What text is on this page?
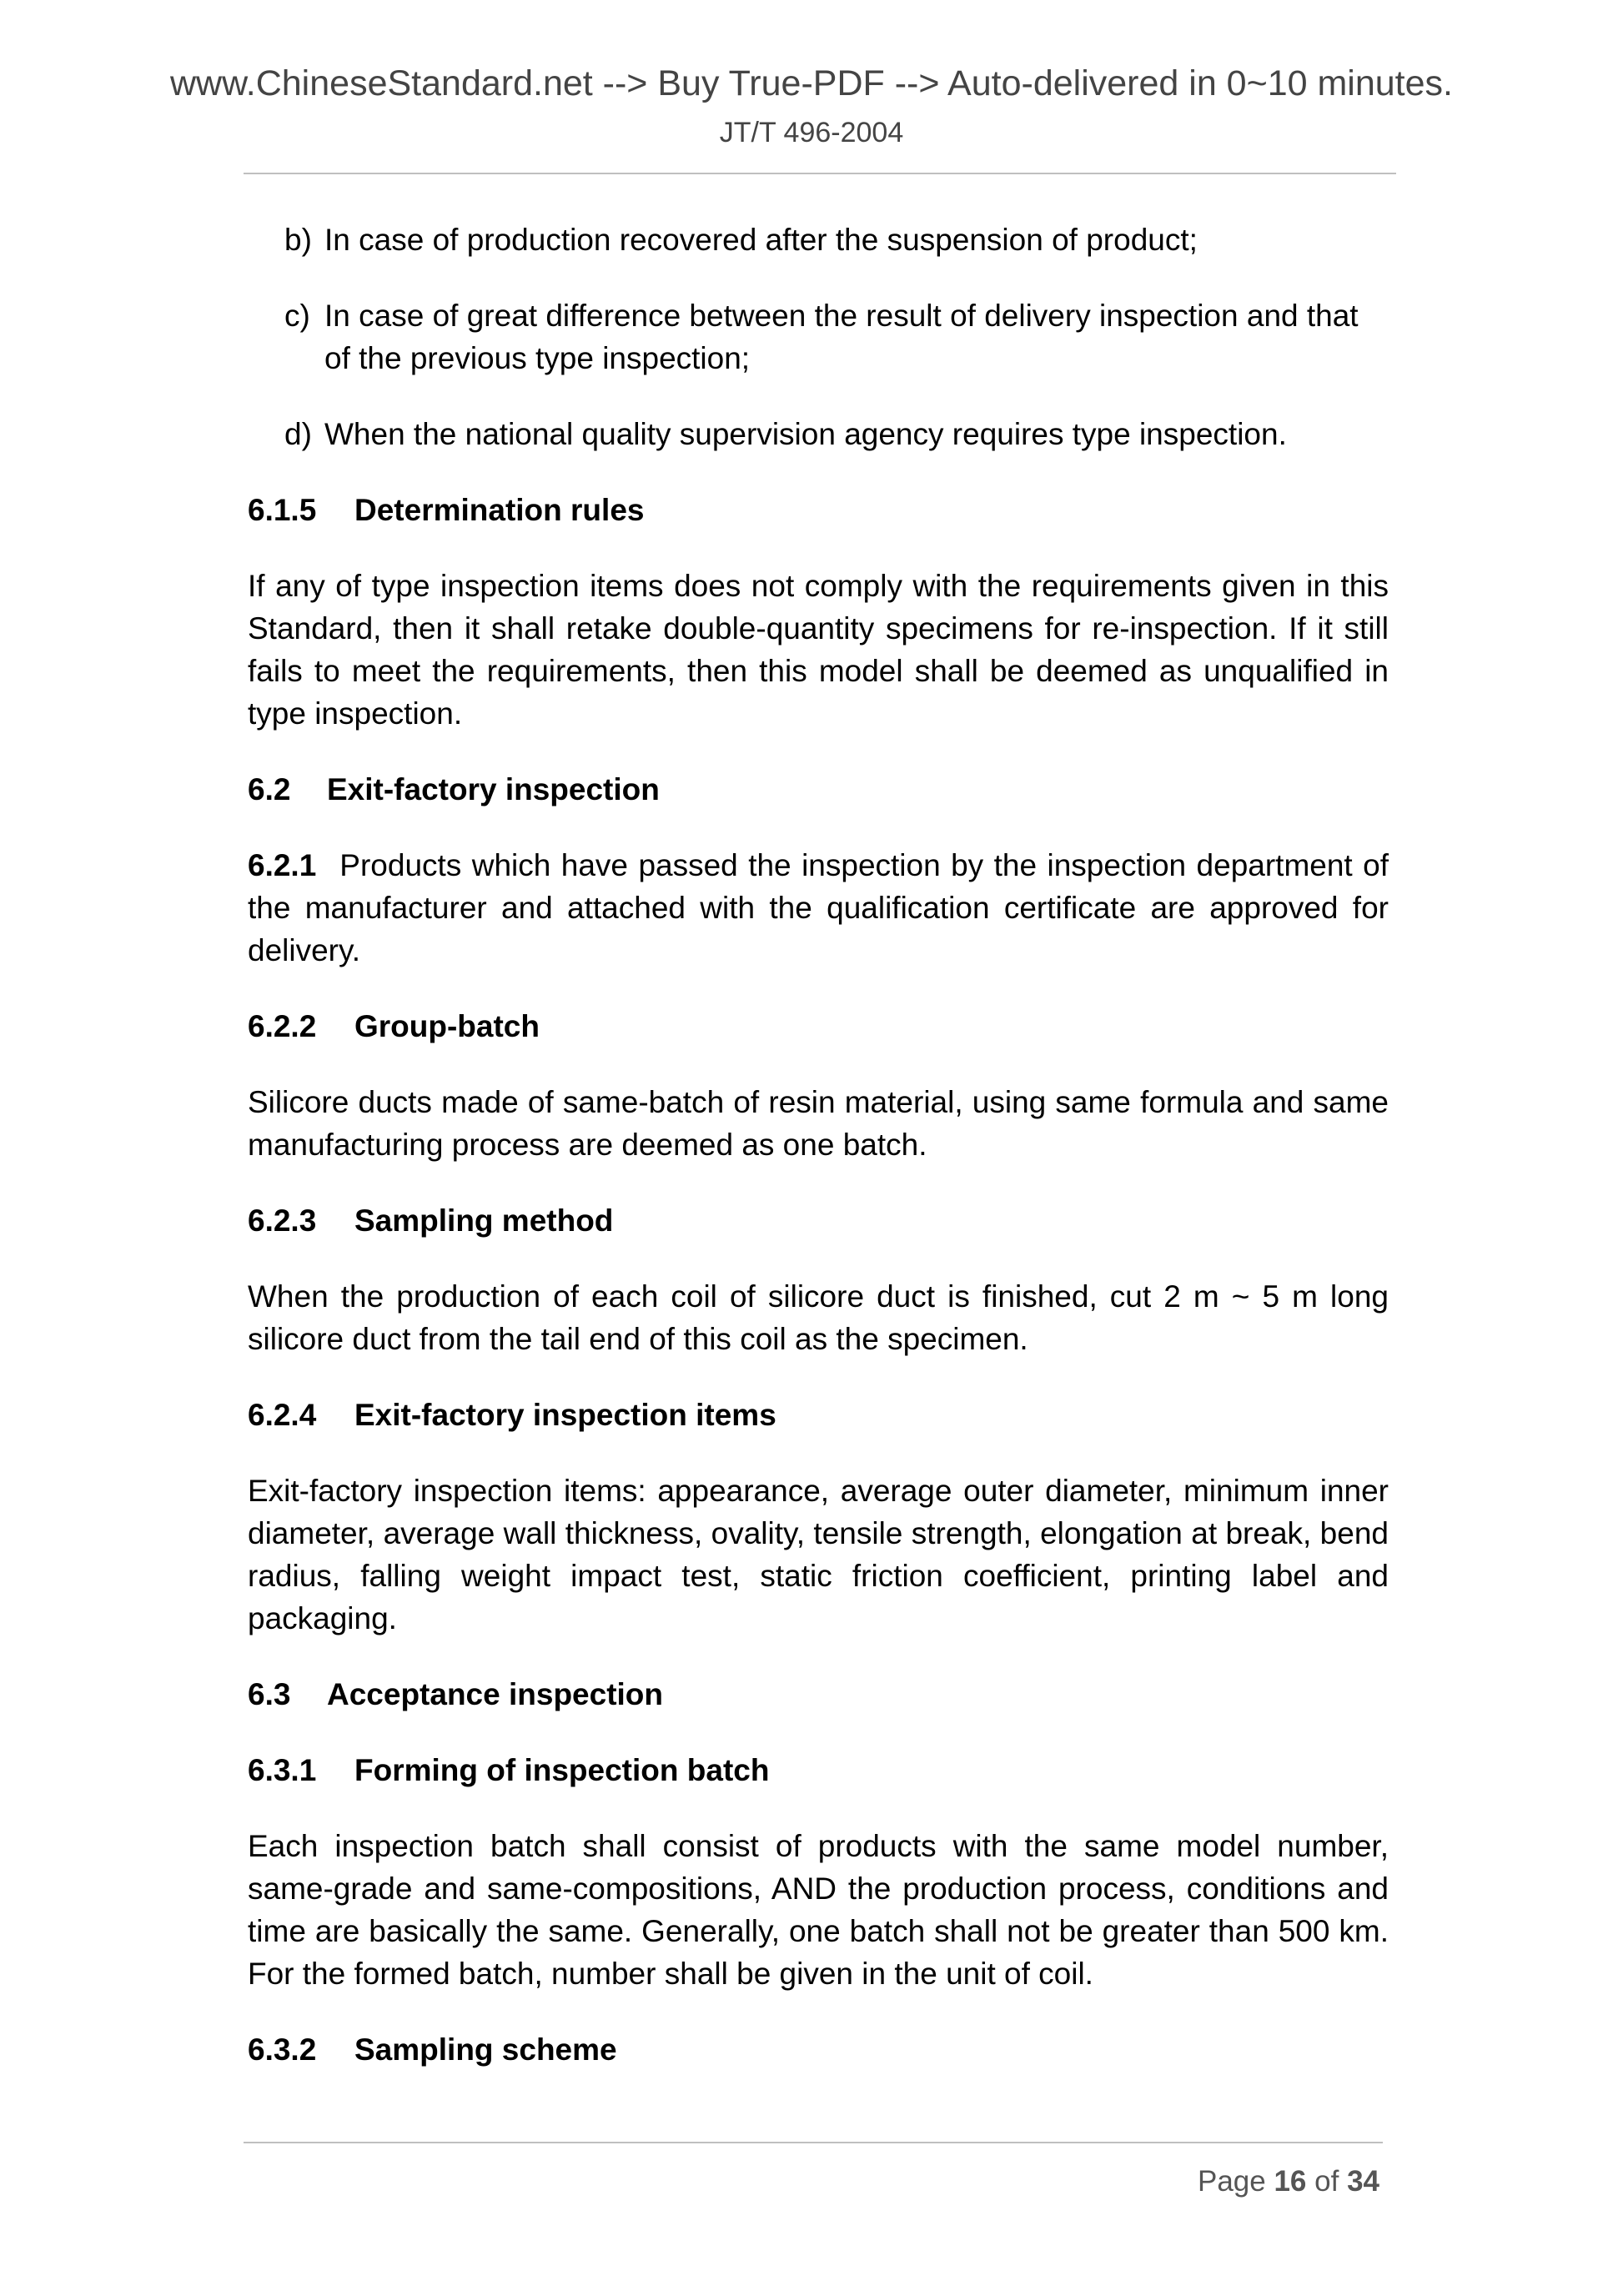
www.ChineseStandard.net --> Buy True-PDF --> Auto-delivered in 0~10 minutes.
JT/T 496-2004
b) In case of production recovered after the suspension of product;
c) In case of great difference between the result of delivery inspection and that of the previous type inspection;
d) When the national quality supervision agency requires type inspection.
6.1.5 Determination rules
If any of type inspection items does not comply with the requirements given in this Standard, then it shall retake double-quantity specimens for re-inspection. If it still fails to meet the requirements, then this model shall be deemed as unqualified in type inspection.
6.2 Exit-factory inspection
6.2.1 Products which have passed the inspection by the inspection department of the manufacturer and attached with the qualification certificate are approved for delivery.
6.2.2 Group-batch
Silicore ducts made of same-batch of resin material, using same formula and same manufacturing process are deemed as one batch.
6.2.3 Sampling method
When the production of each coil of silicore duct is finished, cut 2 m ~ 5 m long silicore duct from the tail end of this coil as the specimen.
6.2.4 Exit-factory inspection items
Exit-factory inspection items: appearance, average outer diameter, minimum inner diameter, average wall thickness, ovality, tensile strength, elongation at break, bend radius, falling weight impact test, static friction coefficient, printing label and packaging.
6.3 Acceptance inspection
6.3.1 Forming of inspection batch
Each inspection batch shall consist of products with the same model number, same-grade and same-compositions, AND the production process, conditions and time are basically the same. Generally, one batch shall not be greater than 500 km. For the formed batch, number shall be given in the unit of coil.
6.3.2 Sampling scheme
Page 16 of 34
